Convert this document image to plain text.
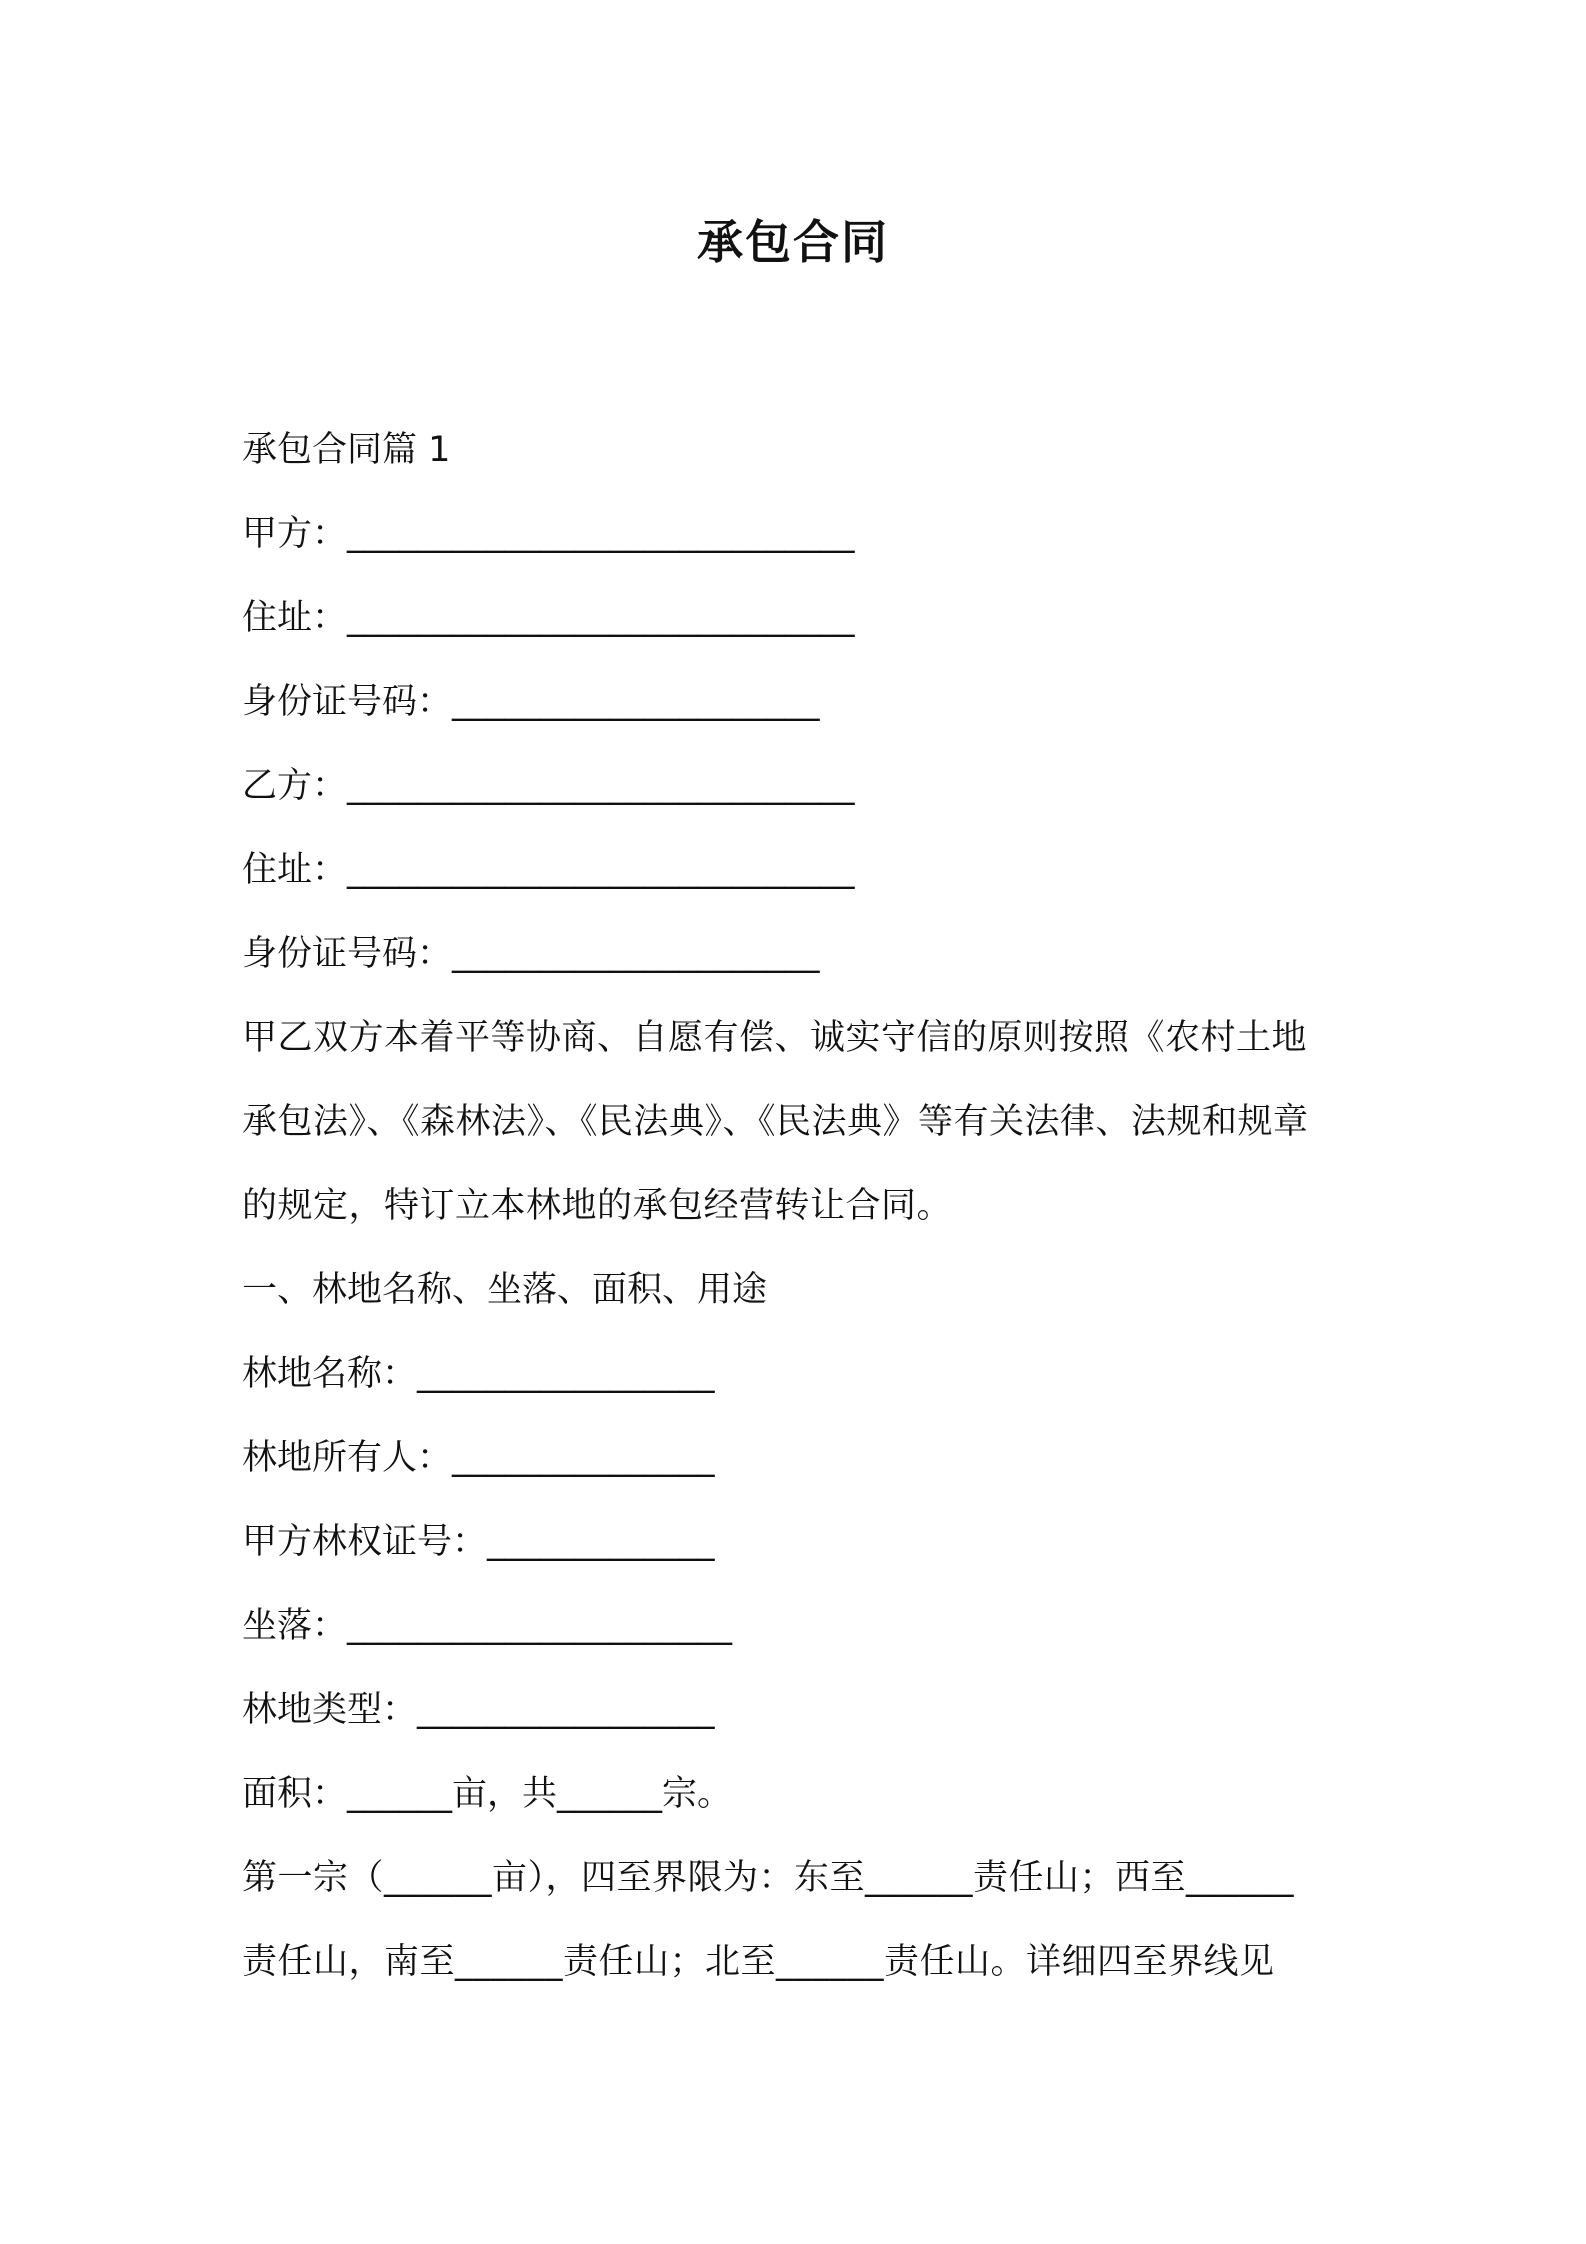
承包合同
承包合同篇 1
甲方：_____________________________
住址：_____________________________
身份证号码：_____________________
乙方：_____________________________
住址：_____________________________
身份证号码：_____________________
甲乙双方本着平等协商、自愿有偿、诚实守信的原则按照《农村土地
承包法》、《森林法》、《民法典》、《民法典》等有关法律、法规和规章
的规定，特订立本林地的承包经营转让合同。
一、林地名称、坐落、面积、用途
林地名称：_________________
林地所有人：_______________
甲方林权证号：_____________
坐落：______________________
林地类型：_________________
面积：______亩，共______宗。
第一宗（______亩），四至界限为：东至______责任山；西至______
责任山，南至______责任山；北至______责任山。详细四至界线见
